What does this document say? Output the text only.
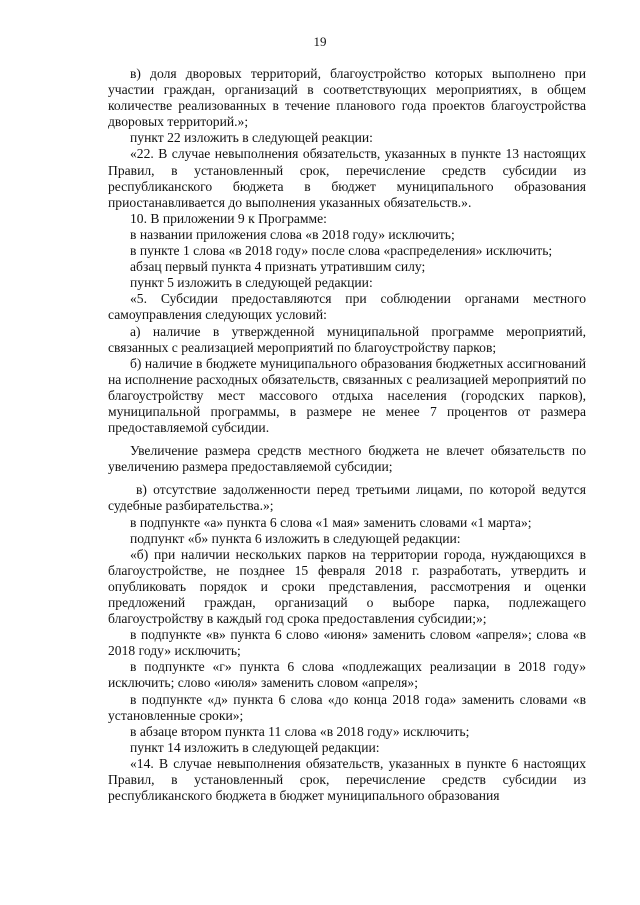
19

в) доля дворовых территорий, благоустройство которых выполнено при участии граждан, организаций в соответствующих мероприятиях, в общем количестве реализованных в течение планового года проектов благоустройства дворовых территорий.»;

пункт 22 изложить в следующей реакции:

«22. В случае невыполнения обязательств, указанных в пункте 13 настоящих Правил, в установленный срок, перечисление средств субсидии из республиканского бюджета в бюджет муниципального образования приостанавливается до выполнения указанных обязательств.».

10. В приложении 9 к Программе:

в названии приложения слова «в 2018 году» исключить;

в пункте 1 слова «в 2018 году» после слова «распределения» исключить;

абзац первый пункта 4 признать утратившим силу;

пункт 5 изложить в следующей редакции:

«5. Субсидии предоставляются при соблюдении органами местного самоуправления следующих условий:

а) наличие в утвержденной муниципальной программе мероприятий, связанных с реализацией мероприятий по благоустройству парков;

б) наличие в бюджете муниципального образования бюджетных ассигнований на исполнение расходных обязательств, связанных с реализацией мероприятий по благоустройству мест массового отдыха населения (городских парков), муниципальной программы, в размере не менее 7 процентов от размера предоставляемой субсидии.

Увеличение размера средств местного бюджета не влечет обязательств по увеличению размера предоставляемой субсидии;

в) отсутствие задолженности перед третьими лицами, по которой ведутся судебные разбирательства.»;

в подпункте «а» пункта 6 слова «1 мая» заменить словами «1 марта»;

подпункт «б» пункта 6 изложить в следующей редакции:

«б) при наличии нескольких парков на территории города, нуждающихся в благоустройстве, не позднее 15 февраля 2018 г. разработать, утвердить и опубликовать порядок и сроки представления, рассмотрения и оценки предложений граждан, организаций о выборе парка, подлежащего благоустройству в каждый год срока предоставления субсидии;»;

в подпункте «в» пункта 6 слово «июня» заменить словом «апреля»; слова «в 2018 году» исключить;

в подпункте «г» пункта 6 слова «подлежащих реализации в 2018 году» исключить; слово «июля» заменить словом «апреля»;

в подпункте «д» пункта 6 слова «до конца 2018 года» заменить словами «в установленные сроки»;

в абзаце втором пункта 11 слова «в 2018 году» исключить;

пункт 14 изложить в следующей редакции:

«14. В случае невыполнения обязательств, указанных в пункте 6 настоящих Правил, в установленный срок, перечисление средств субсидии из республиканского бюджета в бюджет муниципального образования
